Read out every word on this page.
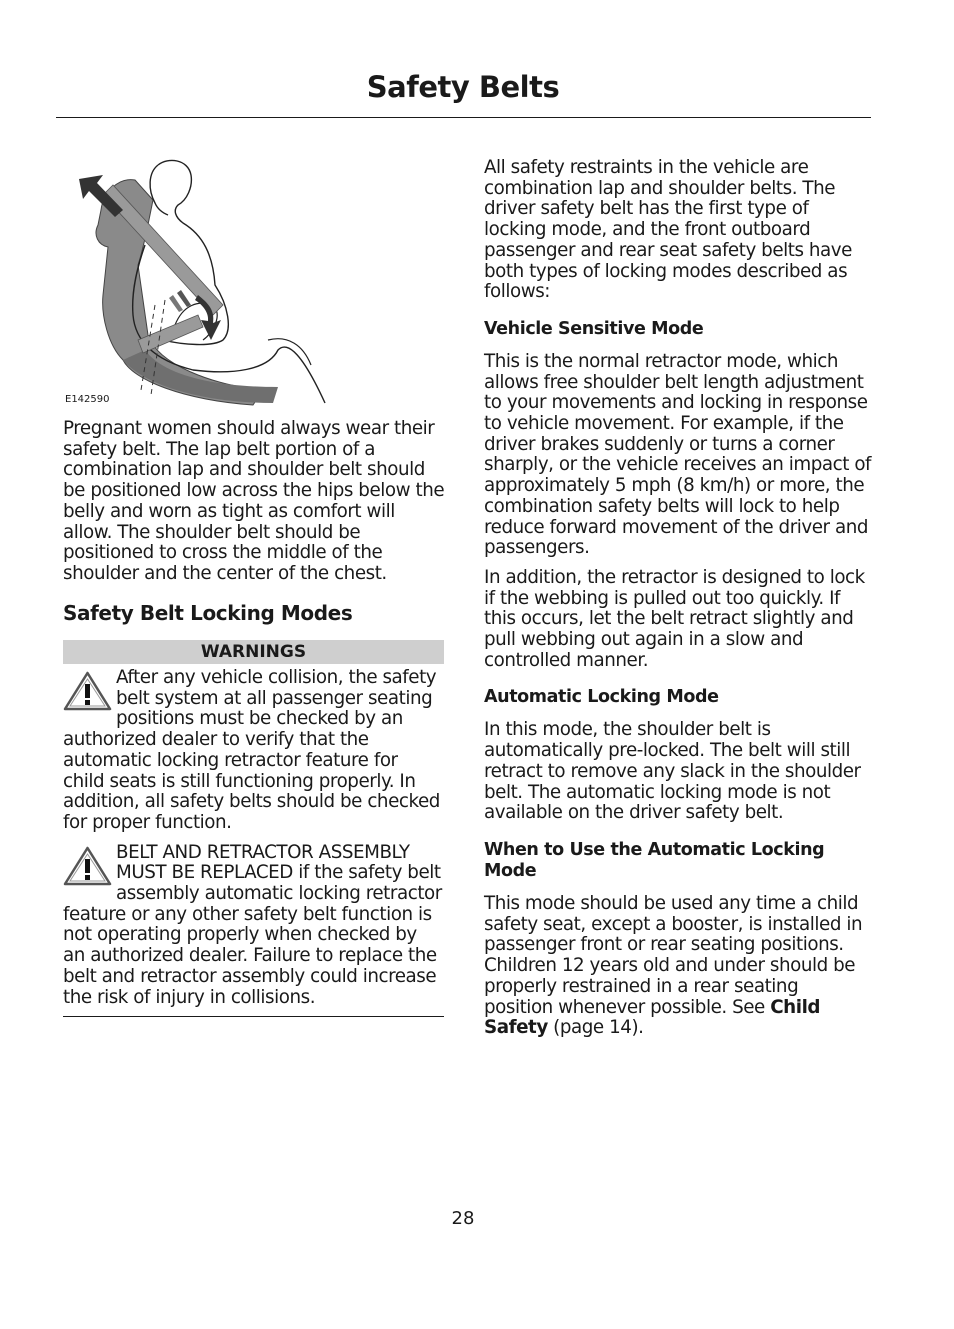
Safety Belts
E142590

Pregnant women should always wear their safety belt. The lap belt portion of a combination lap and shoulder belt should be positioned low across the hips below the belly and worn as tight as comfort will allow. The shoulder belt should be positioned to cross the middle of the shoulder and the center of the chest.

Safety Belt Locking Modes
WARNINGS

After any vehicle collision, the safety belt system at all passenger seating positions must be checked by an authorized dealer to verify that the automatic locking retractor feature for child seats is still functioning properly. In addition, all safety belts should be checked for proper function.

BELT AND RETRACTOR ASSEMBLY MUST BE REPLACED if the safety belt assembly automatic locking retractor feature or any other safety belt function is not operating properly when checked by an authorized dealer. Failure to replace the belt and retractor assembly could increase the risk of injury in collisions.

All safety restraints in the vehicle are combination lap and shoulder belts. The driver safety belt has the first type of locking mode, and the front outboard passenger and rear seat safety belts have both types of locking modes described as follows:

Vehicle Sensitive Mode

This is the normal retractor mode, which allows free shoulder belt length adjustment to your movements and locking in response to vehicle movement. For example, if the driver brakes suddenly or turns a corner sharply, or the vehicle receives an impact of approximately 5 mph (8 km/h) or more, the combination safety belts will lock to help reduce forward movement of the driver and passengers.

In addition, the retractor is designed to lock if the webbing is pulled out too quickly. If this occurs, let the belt retract slightly and pull webbing out again in a slow and controlled manner.

Automatic Locking Mode

In this mode, the shoulder belt is automatically pre-locked. The belt will still retract to remove any slack in the shoulder belt. The automatic locking mode is not available on the driver safety belt.

When to Use the Automatic Locking Mode

This mode should be used any time a child safety seat, except a booster, is installed in passenger front or rear seating positions. Children 12 years old and under should be properly restrained in a rear seating position whenever possible. See Child Safety (page 14).

28
